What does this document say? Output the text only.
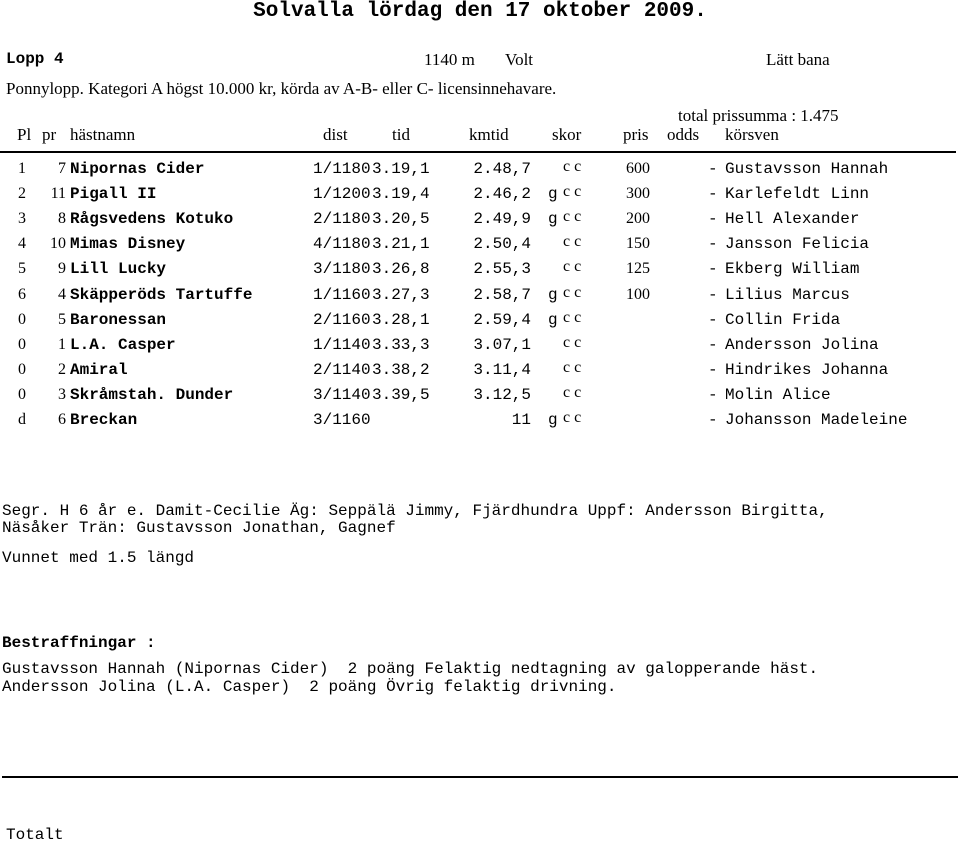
Solvalla lördag den 17 oktober 2009.
Lopp 4	1140 m Volt	Lätt bana
Ponnylopp. Kategori A högst 10.000 kr, körda av A-B- eller C- licensinnehavare.
total prissumma : 1.475
Pl pr hästnamn	dist	tid	kmtid	skor pris odds körsven
1 7 Nipornas Cider	1/1180 3.19,1	2.48,7 c c	600	- Gustavsson Hannah
2 11 Pigall II	1/1200 3.19,4	2.46,2 g c c	300	- Karlefeldt Linn
3 8 Rågsvedens Kotuko	2/1180 3.20,5	2.49,9 g c c	200	- Hell Alexander
4 10 Mimas Disney	4/1180 3.21,1	2.50,4 c c	150	- Jansson Felicia
5 9 Lill Lucky	3/1180 3.26,8	2.55,3 c c	125	- Ekberg William
6 4 Skäpperöds Tartuffe	1/1160 3.27,3	2.58,7 g c c	100	- Lilius Marcus
0 5 Baronessan	2/1160 3.28,1	2.59,4 g c c	- Collin Frida
0 1 L.A. Casper	1/1140 3.33,3	3.07,1 c c	- Andersson Jolina
0 2 Amiral	2/1140 3.38,2	3.11,4 c c	- Hindrikes Johanna
0 3 Skråmstah. Dunder	3/1140 3.39,5	3.12,5 c c	- Molin Alice
d 6 Breckan	3/1160	11 g c c	- Johansson Madeleine
Segr. H 6 år e. Damit-Cecilie Äg: Seppälä Jimmy, Fjärdhundra Uppf: Andersson Birgitta,
Näsåker Trän: Gustavsson Jonathan, Gagnef
Vunnet med 1.5 längd
Bestraffningar :
Gustavsson Hannah (Nipornas Cider)  2 poäng Felaktig nedtagning av galopperande häst.
Andersson Jolina (L.A. Casper)  2 poäng Övrig felaktig drivning.
Totalt
